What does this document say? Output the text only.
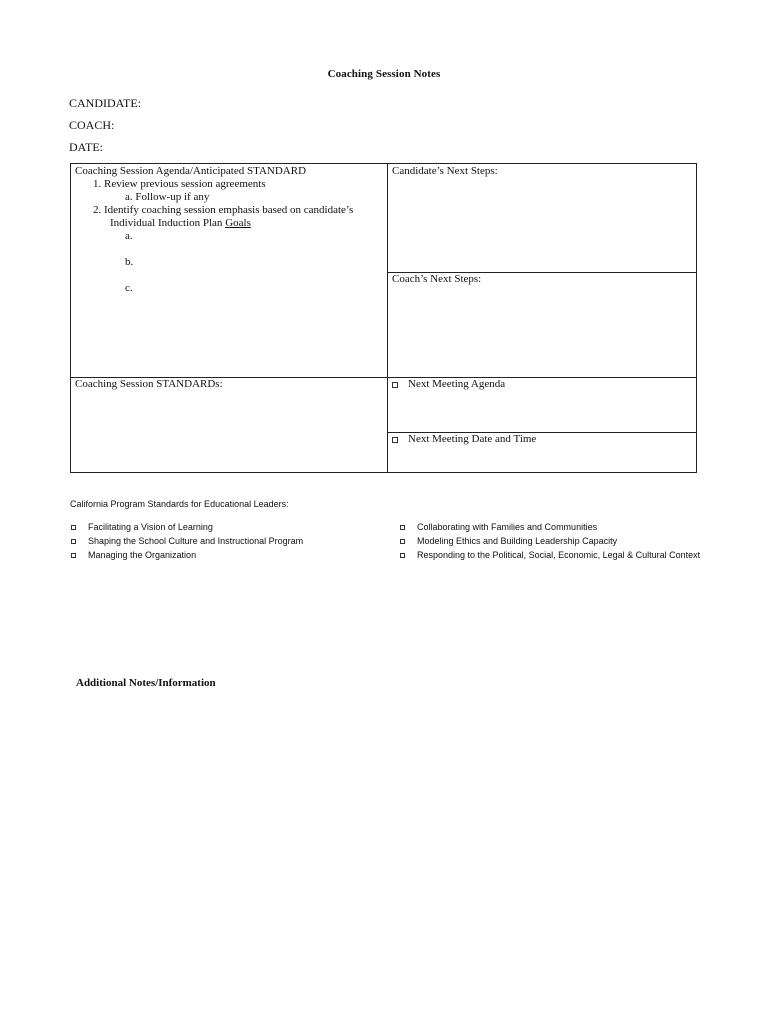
Coaching Session Notes
CANDIDATE:
COACH:
DATE:
Coaching Session Agenda/Anticipated STANDARD
1. Review previous session agreements
a. Follow-up if any
2. Identify coaching session emphasis based on candidate’s
Individual Induction Plan Goals
a.
b.
c.
Candidate’s Next Steps:
Coach’s Next Steps:
Coaching Session STANDARDs:	Next Meeting Agenda
Next Meeting Date and Time
California Program Standards for Educational Leaders:
Facilitating a Vision of Learning
Shaping the School Culture and Instructional Program
Managing the Organization
Collaborating with Families and Communities
Modeling Ethics and Building Leadership Capacity
Responding to the Political, Social, Economic, Legal & Cultural Context
Additional Notes/Information
